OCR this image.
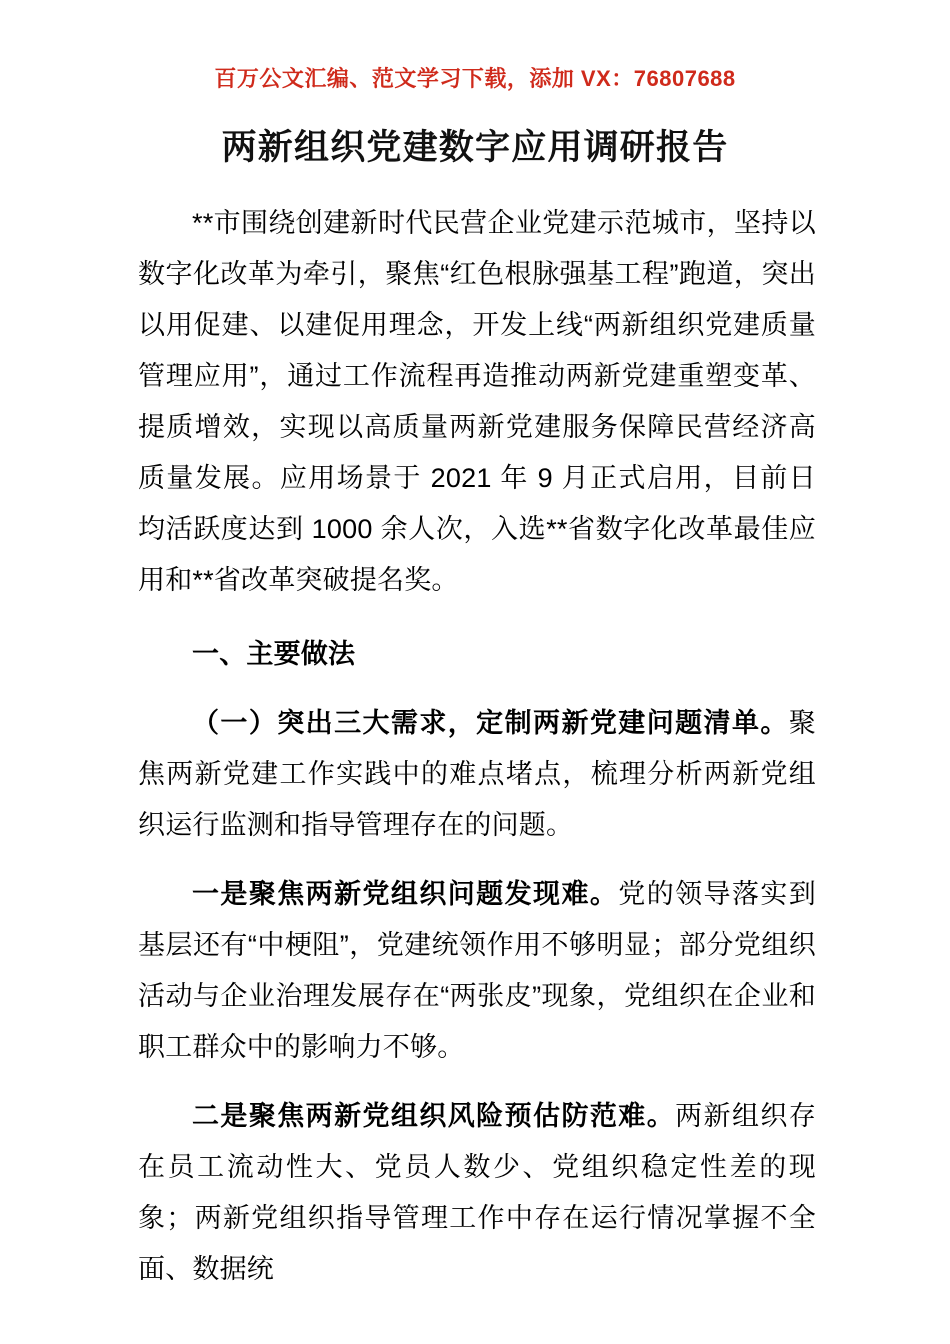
百万公文汇编、范文学习下载，添加 VX：76807688
两新组织党建数字应用调研报告

**市围绕创建新时代民营企业党建示范城市，坚持以数字化改革为牵引，聚焦“红色根脉强基工程”跑道，突出以用促建、以建促用理念，开发上线“两新组织党建质量管理应用”，通过工作流程再造推动两新党建重塑变革、提质增效，实现以高质量两新党建服务保障民营经济高质量发展。应用场景于 2021 年 9 月正式启用，目前日均活跃度达到 1000 余人次，入选**省数字化改革最佳应用和**省改革突破提名奖。

一、主要做法

（一）突出三大需求，定制两新党建问题清单。聚焦两新党建工作实践中的难点堵点，梳理分析两新党组织运行监测和指导管理存在的问题。

一是聚焦两新党组织问题发现难。党的领导落实到基层还有“中梗阻”，党建统领作用不够明显；部分党组织活动与企业治理发展存在“两张皮”现象，党组织在企业和职工群众中的影响力不够。

二是聚焦两新党组织风险预估防范难。两新组织存在员工流动性大、党员人数少、党组织稳定性差的现象；两新党组织指导管理工作中存在运行情况掌握不全面、数据统
